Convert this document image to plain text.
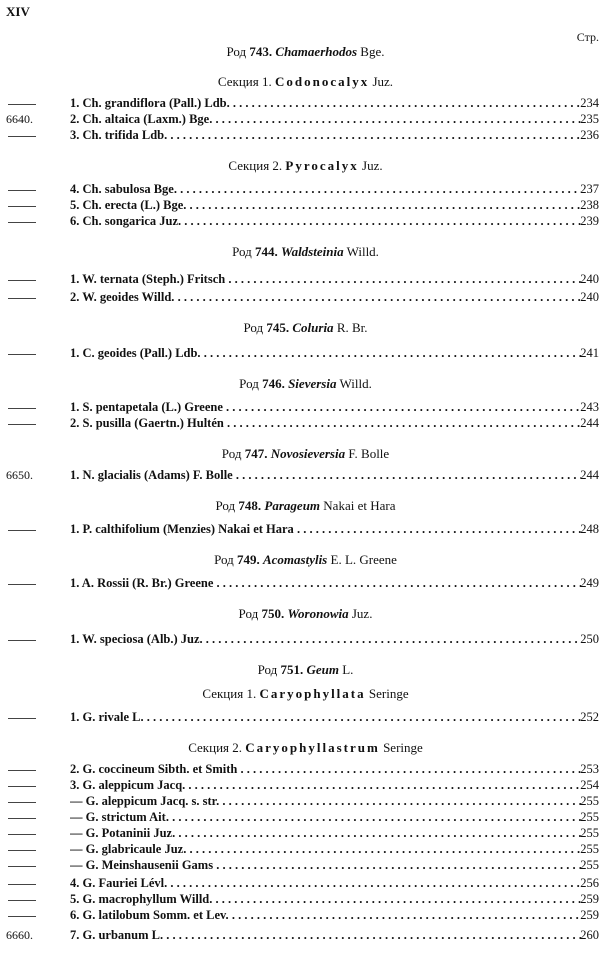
XIV
Стр.
Род 743. Chamaerhodos Bge.
Секция 1. Codonocalyx Juz.
1. Ch. grandiflora (Pall.) Ldb. . . .	234
6640.	2. Ch. altaica (Laxm.) Bge. . . .	235
3. Ch. trifida Ldb. . . .	236
Секция 2. Pyrocalyx Juz.
4. Ch. sabulosa Bge. . . .	237
5. Ch. erecta (L.) Bge. . . .	238
6. Ch. songarica Juz. . . .	239
Род 744. Waldsteinia Willd.
1. W. ternata (Steph.) Fritsch . . .	240
2. W. geoides Willd. . . .	240
Род 745. Coluria R. Br.
1. C. geoides (Pall.) Ldb. . . .	241
Род 746. Sieversia Willd.
1. S. pentapetala (L.) Greene . . .	243
2. S. pusilla (Gaertn.) Hultén . . .	244
Род 747. Novosieversia F. Bolle
6650.	1. N. glacialis (Adams) F. Bolle . . .	244
Род 748. Parageum Nakai et Hara
1. P. calthifolium (Menzies) Nakai et Hara . . .	248
Род 749. Acomastylis E. L. Greene
1. A. Rossii (R. Br.) Greene . . .	249
Род 750. Woronowia Juz.
1. W. speciosa (Alb.) Juz. . . .	250
Род 751. Geum L.
Секция 1. Caryophyllata Seringe
1. G. rivale L. . . .	252
Секция 2. Caryophyllastrum Seringe
2. G. coccineum Sibth. et Smith . . .	253
3. G. aleppicum Jacq. . . .	254
— G. aleppicum Jacq. s. str. . . .	255
— G. strictum Ait. . . .	255
— G. Potaninii Juz. . . .	255
— G. glabricaule Juz. . . .	255
— G. Meinshausenii Gams . . .	255
4. G. Fauriei Lévl. . . .	256
5. G. macrophyllum Willd. . . .	259
6. G. latilobum Somm. et Lev. . . .	259
6660.	7. G. urbanum L. . . .	260
